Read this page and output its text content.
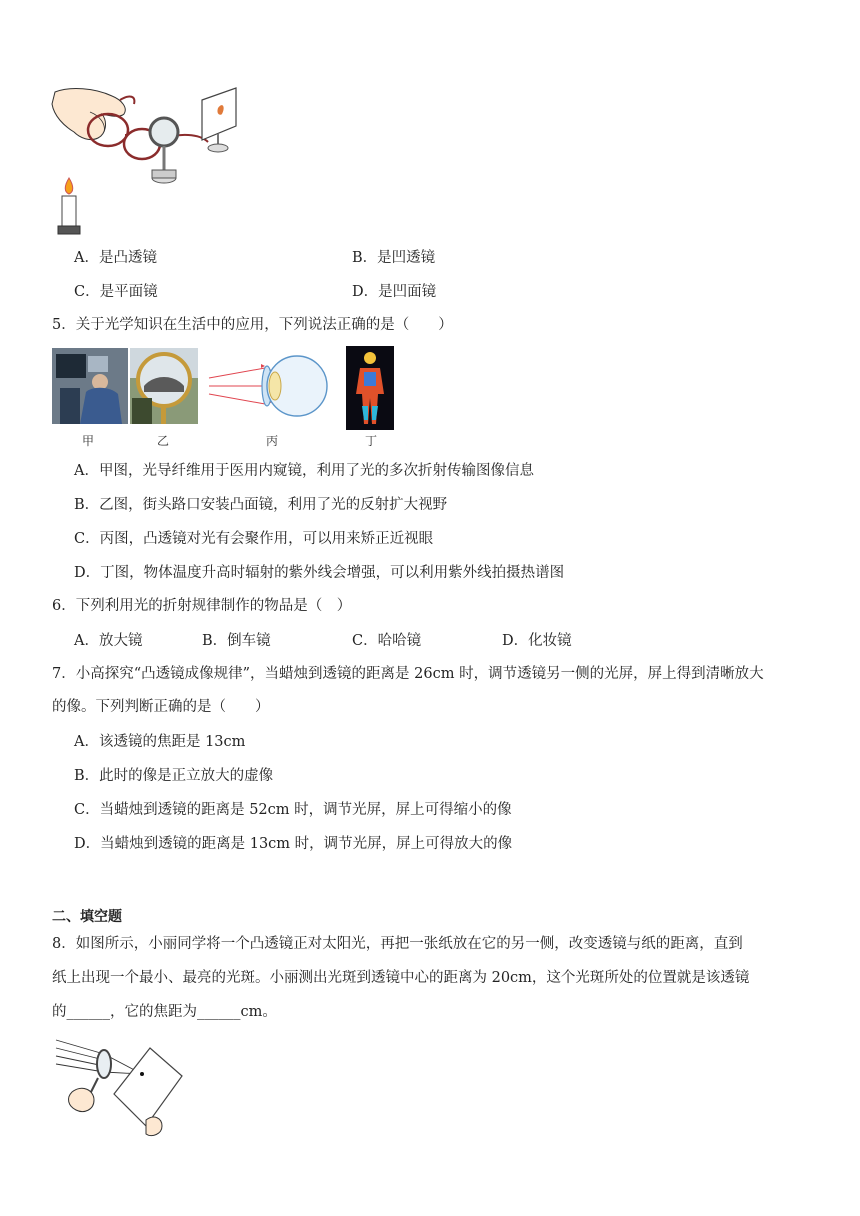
A．是凸透镜	B．是凹透镜
C．是平面镜	D．是凹面镜
5．关于光学知识在生活中的应用，下列说法正确的是（　　）
甲	乙	丙	丁
A．甲图，光导纤维用于医用内窥镜，利用了光的多次折射传输图像信息
B．乙图，街头路口安装凸面镜，利用了光的反射扩大视野
C．丙图，凸透镜对光有会聚作用，可以用来矫正近视眼
D．丁图，物体温度升高时辐射的紫外线会增强，可以利用紫外线拍摄热谱图
6．下列利用光的折射规律制作的物品是（　）
A．放大镜	B．倒车镜	C．哈哈镜	D．化妆镜
7．小高探究“凸透镜成像规律”，当蜡烛到透镜的距离是 26cm 时，调节透镜另一侧的光屏，屏上得到清晰放大
的像。下列判断正确的是（　　）
A．该透镜的焦距是 13cm
B．此时的像是正立放大的虚像
C．当蜡烛到透镜的距离是 52cm 时，调节光屏，屏上可得缩小的像
D．当蜡烛到透镜的距离是 13cm 时，调节光屏，屏上可得放大的像
二、填空题
8．如图所示，小丽同学将一个凸透镜正对太阳光，再把一张纸放在它的另一侧，改变透镜与纸的距离，直到
纸上出现一个最小、最亮的光斑。小丽测出光斑到透镜中心的距离为 20cm，这个光斑所处的位置就是该透镜
的______，它的焦距为______cm。
